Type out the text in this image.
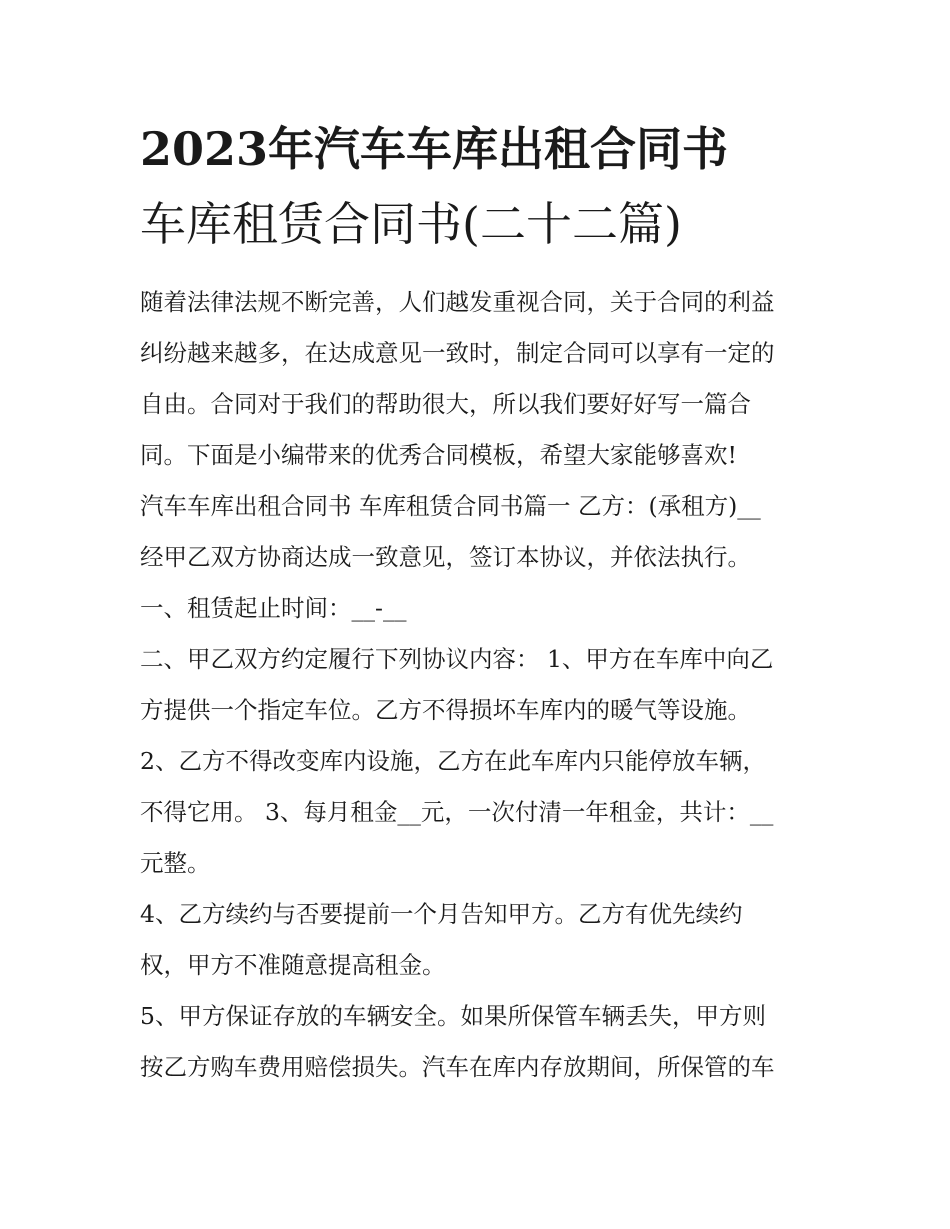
2023年汽车车库出租合同书
车库租赁合同书(二十二篇)
随着法律法规不断完善，人们越发重视合同，关于合同的利益
纠纷越来越多，在达成意见一致时，制定合同可以享有一定的
自由。合同对于我们的帮助很大，所以我们要好好写一篇合
同。下面是小编带来的优秀合同模板，希望大家能够喜欢!
汽车车库出租合同书 车库租赁合同书篇一 乙方：(承租方)__
经甲乙双方协商达成一致意见，签订本协议，并依法执行。
一、租赁起止时间：__-__
二、甲乙双方约定履行下列协议内容： 1、甲方在车库中向乙
方提供一个指定车位。乙方不得损坏车库内的暖气等设施。
2、乙方不得改变库内设施，乙方在此车库内只能停放车辆，
不得它用。 3、每月租金__元，一次付清一年租金，共计：__
元整。
4、乙方续约与否要提前一个月告知甲方。乙方有优先续约
权，甲方不准随意提高租金。
5、甲方保证存放的车辆安全。如果所保管车辆丢失，甲方则
按乙方购车费用赔偿损失。汽车在库内存放期间，所保管的车
